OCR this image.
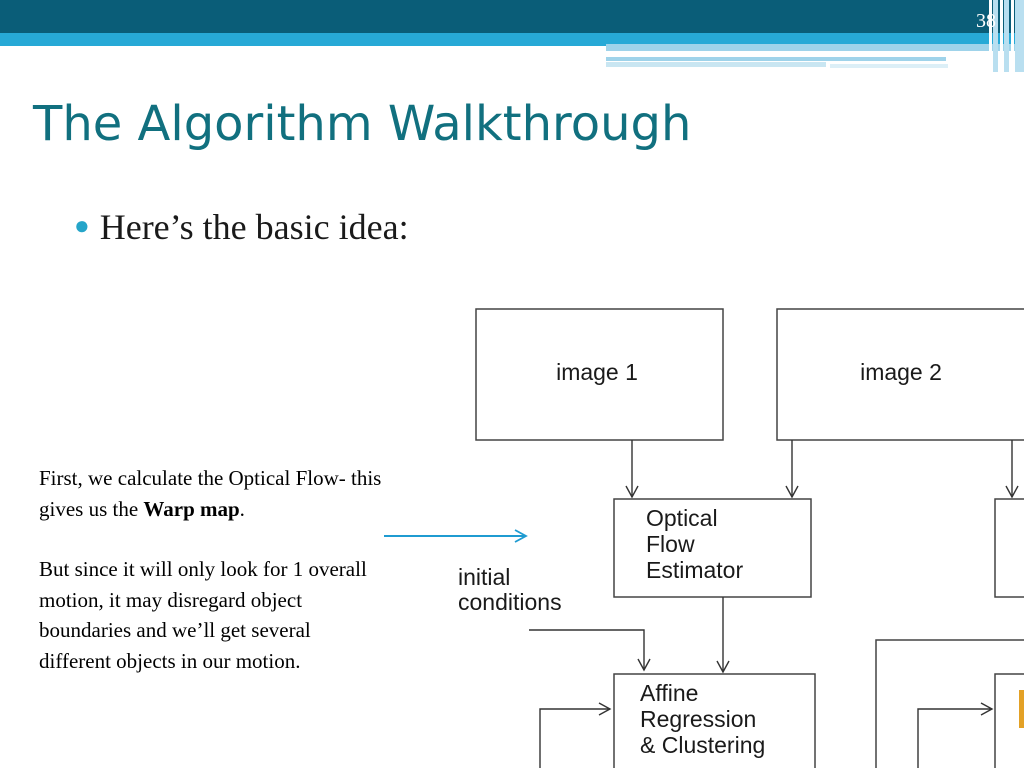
38
The Algorithm Walkthrough
● Here’s the basic idea:

First, we calculate the Optical Flow- this gives us the Warp map.

But since it will only look for 1 overall motion, it may disregard object boundaries and we’ll get several different objects in our motion.

image 1	image 2
Optical
Flow
Estimator
initial
conditions
Affine
Regression
& Clustering
